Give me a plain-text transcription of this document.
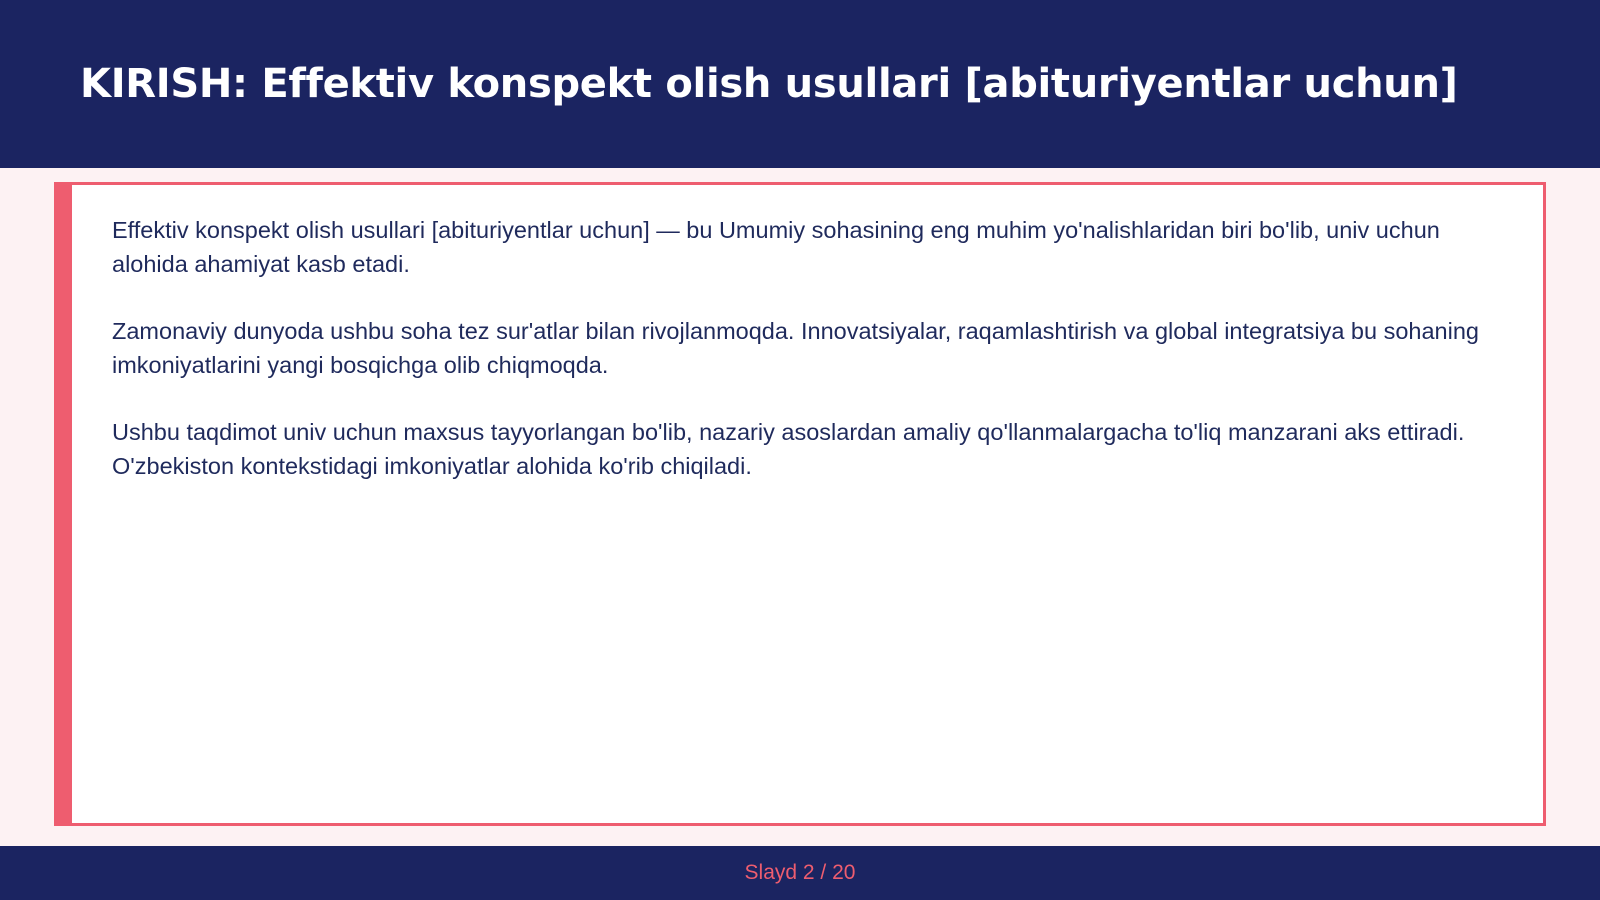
KIRISH: Effektiv konspekt olish usullari [abituriyentlar uchun]

Effektiv konspekt olish usullari [abituriyentlar uchun] — bu Umumiy sohasining eng muhim yo'nalishlaridan biri bo'lib, univ uchun alohida ahamiyat kasb etadi.

Zamonaviy dunyoda ushbu soha tez sur'atlar bilan rivojlanmoqda. Innovatsiyalar, raqamlashtirish va global integratsiya bu sohaning imkoniyatlarini yangi bosqichga olib chiqmoqda.

Ushbu taqdimot univ uchun maxsus tayyorlangan bo'lib, nazariy asoslardan amaliy qo'llanmalargacha to'liq manzarani aks ettiradi. O'zbekiston kontekstidagi imkoniyatlar alohida ko'rib chiqiladi.

Slayd 2 / 20
